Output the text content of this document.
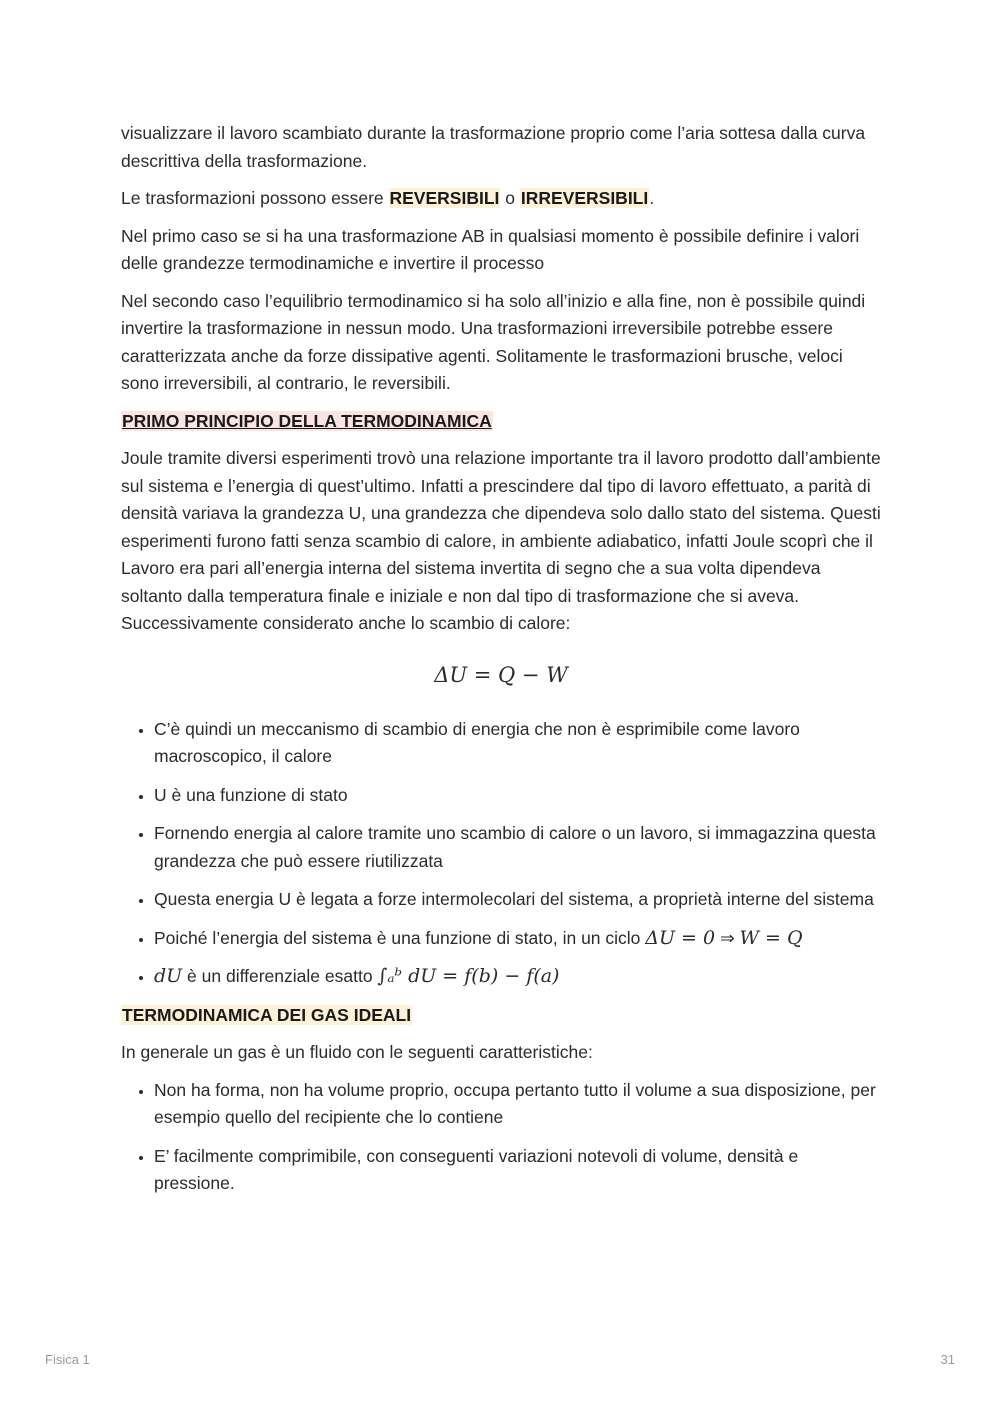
visualizzare il lavoro scambiato durante la trasformazione proprio come l’aria sottesa dalla curva descrittiva della trasformazione.

Le trasformazioni possono essere REVERSIBILI o IRREVERSIBILI.

Nel primo caso se si ha una trasformazione AB in qualsiasi momento è possibile definire i valori delle grandezze termodinamiche e invertire il processo

Nel secondo caso l’equilibrio termodinamico si ha solo all’inizio e alla fine, non è possibile quindi invertire la trasformazione in nessun modo. Una trasformazioni irreversibile potrebbe essere caratterizzata anche da forze dissipative agenti. Solitamente le trasformazioni brusche, veloci sono irreversibili, al contrario, le reversibili.

PRIMO PRINCIPIO DELLA TERMODINAMICA

Joule tramite diversi esperimenti trovò una relazione importante tra il lavoro prodotto dall’ambiente sul sistema e l’energia di quest’ultimo. Infatti a prescindere dal tipo di lavoro effettuato, a parità di densità variava la grandezza U, una grandezza che dipendeva solo dallo stato del sistema. Questi esperimenti furono fatti senza scambio di calore, in ambiente adiabatico, infatti Joule scoprì che il Lavoro era pari all’energia interna del sistema invertita di segno che a sua volta dipendeva soltanto dalla temperatura finale e iniziale e non dal tipo di trasformazione che si aveva. Successivamente considerato anche lo scambio di calore:

ΔU = Q − W
• C’è quindi un meccanismo di scambio di energia che non è esprimibile come lavoro macroscopico, il calore
• U è una funzione di stato
• Fornendo energia al calore tramite uno scambio di calore o un lavoro, si immagazzina questa grandezza che può essere riutilizzata
• Questa energia U è legata a forze intermolecolari del sistema, a proprietà interne del sistema
• Poiché l’energia del sistema è una funzione di stato, in un ciclo ΔU = 0 ⇒ W = Q
• dU è un differenziale esatto ∫ₐᵇ dU = f(b) − f(a)

TERMODINAMICA DEI GAS IDEALI

In generale un gas è un fluido con le seguenti caratteristiche:

• Non ha forma, non ha volume proprio, occupa pertanto tutto il volume a sua disposizione, per esempio quello del recipiente che lo contiene
• E’ facilmente comprimibile, con conseguenti variazioni notevoli di volume, densità e pressione.
Fisica 1	31
